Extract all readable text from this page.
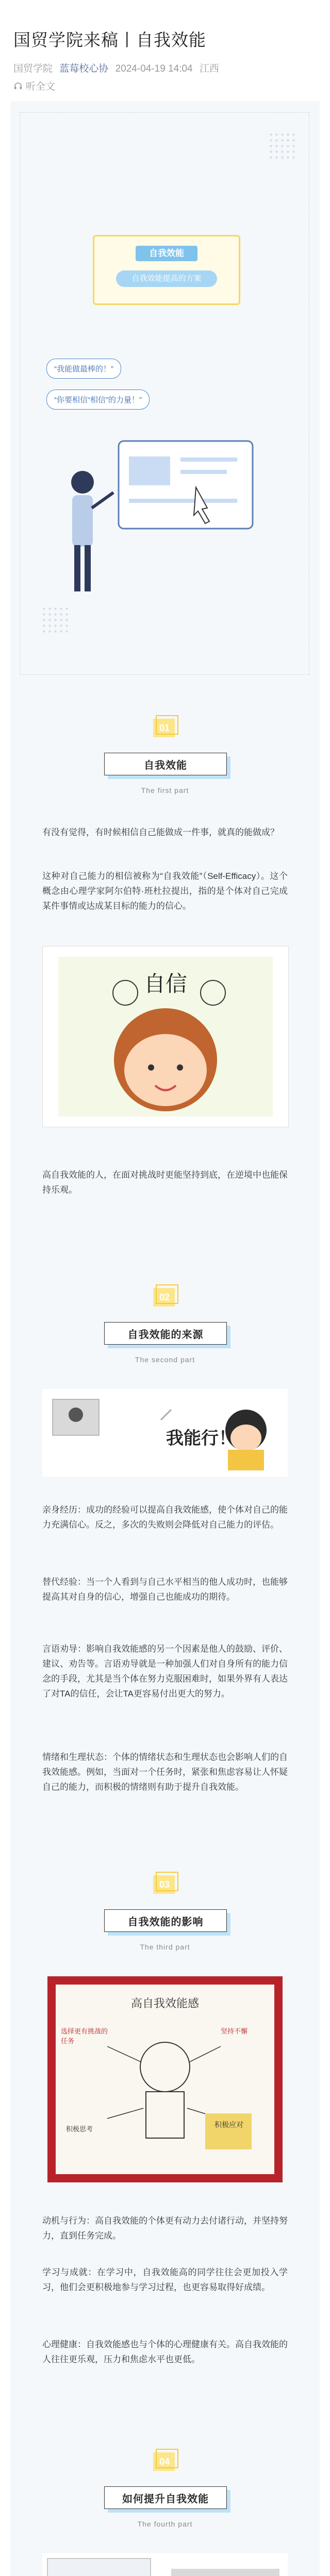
国贸学院来稿丨自我效能
国贸学院 蓝莓校心协 2024-04-19 14:04 江西
听全文
自我效能
自我效能提高的方案
“我能做最棒的！”
“你要相信“相信”的力量！”
01
自我效能
The first part

有没有觉得，有时候相信自己能做成一件事，就真的能做成？

这种对自己能力的相信被称为“自我效能”（Self-Efficacy）。这个概念由心理学家阿尔伯特·班杜拉提出，指的是个体对自己完成某件事情或达成某目标的能力的信心。

自信

高自我效能的人，在面对挑战时更能坚持到底，在逆境中也能保持乐观。

02
自我效能的来源
The second part
我能行！

亲身经历：成功的经验可以提高自我效能感，使个体对自己的能力充满信心。反之，多次的失败则会降低对自己能力的评估。

替代经验：当一个人看到与自己水平相当的他人成功时，也能够提高其对自身的信心，增强自己也能成功的期待。

言语劝导：影响自我效能感的另一个因素是他人的鼓励、评价、建议、劝告等。言语劝导就是一种加强人们对自身所有的能力信念的手段，尤其是当个体在努力克服困难时，如果外界有人表达了对TA的信任，会让TA更容易付出更大的努力。

情绪和生理状态：个体的情绪状态和生理状态也会影响人们的自我效能感。例如，当面对一个任务时，紧张和焦虑容易让人怀疑自己的能力，而积极的情绪则有助于提升自我效能。

03
自我效能的影响
The third part
高自我效能感
选择更有挑战的任务
坚持不懈
积极思考
积极应对

动机与行为：高自我效能的个体更有动力去付诸行动，并坚持努力，直到任务完成。

学习与成就：在学习中，自我效能高的同学往往会更加投入学习，他们会更积极地参与学习过程，也更容易取得好成绩。

心理健康：自我效能感也与个体的心理健康有关。高自我效能的人往往更乐观，压力和焦虑水平也更低。

04
如何提升自我效能
The fourth part
